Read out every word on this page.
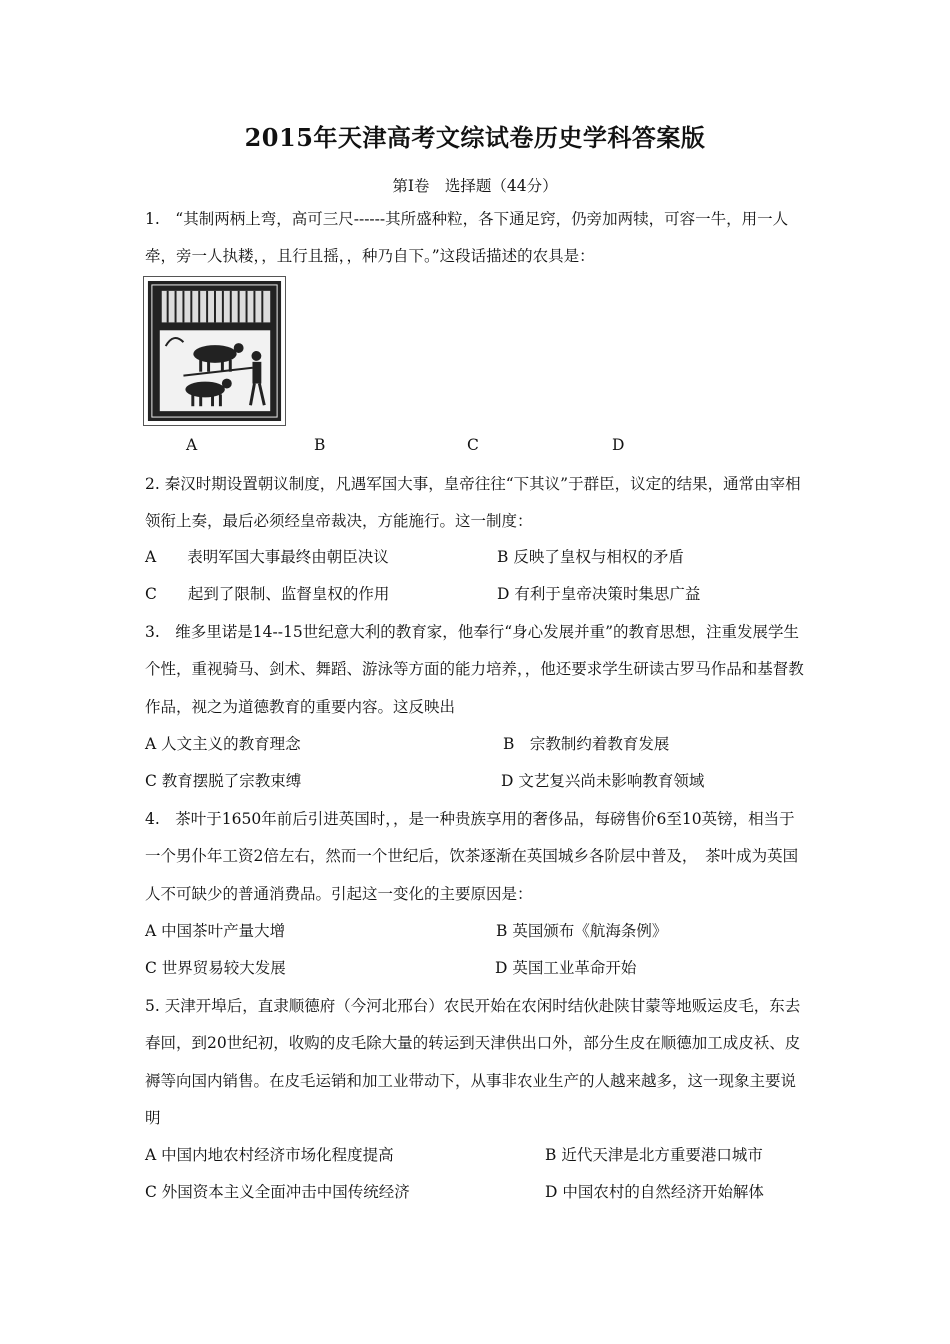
2015年天津高考文综试卷历史学科答案版
第I卷　选择题（44分）
1.　“其制两柄上弯，高可三尺------其所盛种粒，各下通足窍，仍旁加两犊，可容一牛，用一人牵，旁一人执耧，，且行且摇，，种乃自下。”这段话描述的农具是：
A	B	C	D
2. 秦汉时期设置朝议制度，凡遇军国大事，皇帝往往“下其议”于群臣，议定的结果，通常由宰相领衔上奏，最后必须经皇帝裁决，方能施行。这一制度：
A　　表明军国大事最终由朝臣决议	B 反映了皇权与相权的矛盾
C　　起到了限制、监督皇权的作用	D 有利于皇帝决策时集思广益
3.　维多里诺是14--15世纪意大利的教育家，他奉行“身心发展并重”的教育思想，注重发展学生个性，重视骑马、剑术、舞蹈、游泳等方面的能力培养，，他还要求学生研读古罗马作品和基督教作品，视之为道德教育的重要内容。这反映出
A 人文主义的教育理念	B　宗教制约着教育发展
C 教育摆脱了宗教束缚	D 文艺复兴尚未影响教育领域
4.　茶叶于1650年前后引进英国时，，是一种贵族享用的奢侈品，每磅售价6至10英镑，相当于一个男仆年工资2倍左右，然而一个世纪后，饮茶逐渐在英国城乡各阶层中普及，　茶叶成为英国人不可缺少的普通消费品。引起这一变化的主要原因是：
A 中国茶叶产量大增	B 英国颁布《航海条例》
C 世界贸易较大发展	D 英国工业革命开始
5. 天津开埠后，直隶顺德府（今河北邢台）农民开始在农闲时结伙赴陕甘蒙等地贩运皮毛，东去春回，到20世纪初，收购的皮毛除大量的转运到天津供出口外，部分生皮在顺德加工成皮袄、皮褥等向国内销售。在皮毛运销和加工业带动下，从事非农业生产的人越来越多，这一现象主要说明
A 中国内地农村经济市场化程度提高	B 近代天津是北方重要港口城市
C 外国资本主义全面冲击中国传统经济	D 中国农村的自然经济开始解体
